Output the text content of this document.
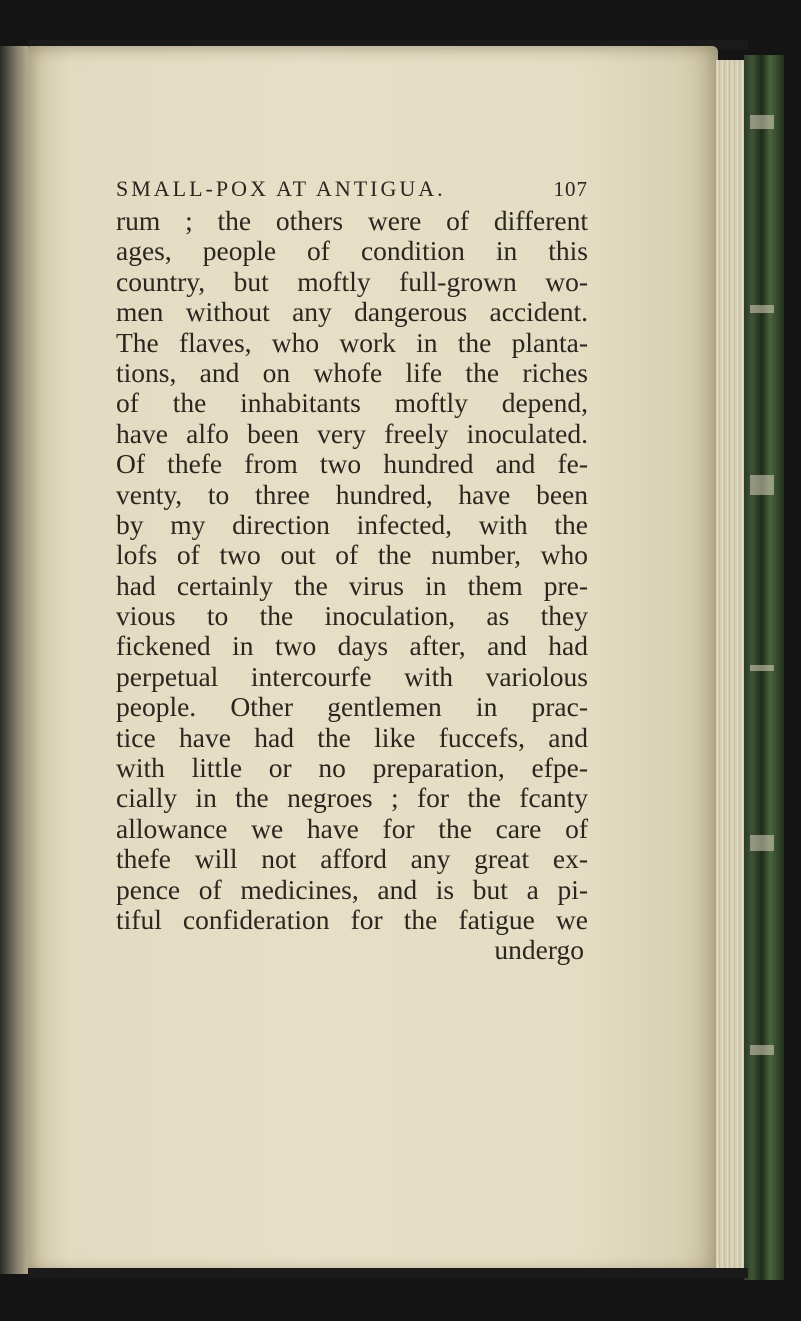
SMALL-POX AT ANTIGUA.	107
rum ; the others were of different
ages, people of condition in this
country, but moftly full-grown wo-
men without any dangerous accident.
The flaves, who work in the planta-
tions, and on whofe life the riches
of the inhabitants moftly depend,
have alfo been very freely inoculated.
Of thefe from two hundred and fe-
venty, to three hundred, have been
by my direction infected, with the
lofs of two out of the number, who
had certainly the virus in them pre-
vious to the inoculation, as they
fickened in two days after, and had
perpetual intercourfe with variolous
people. Other gentlemen in prac-
tice have had the like fuccefs, and
with little or no preparation, efpe-
cially in the negroes ; for the fcanty
allowance we have for the care of
thefe will not afford any great ex-
pence of medicines, and is but a pi-
tiful confideration for the fatigue we
undergo
